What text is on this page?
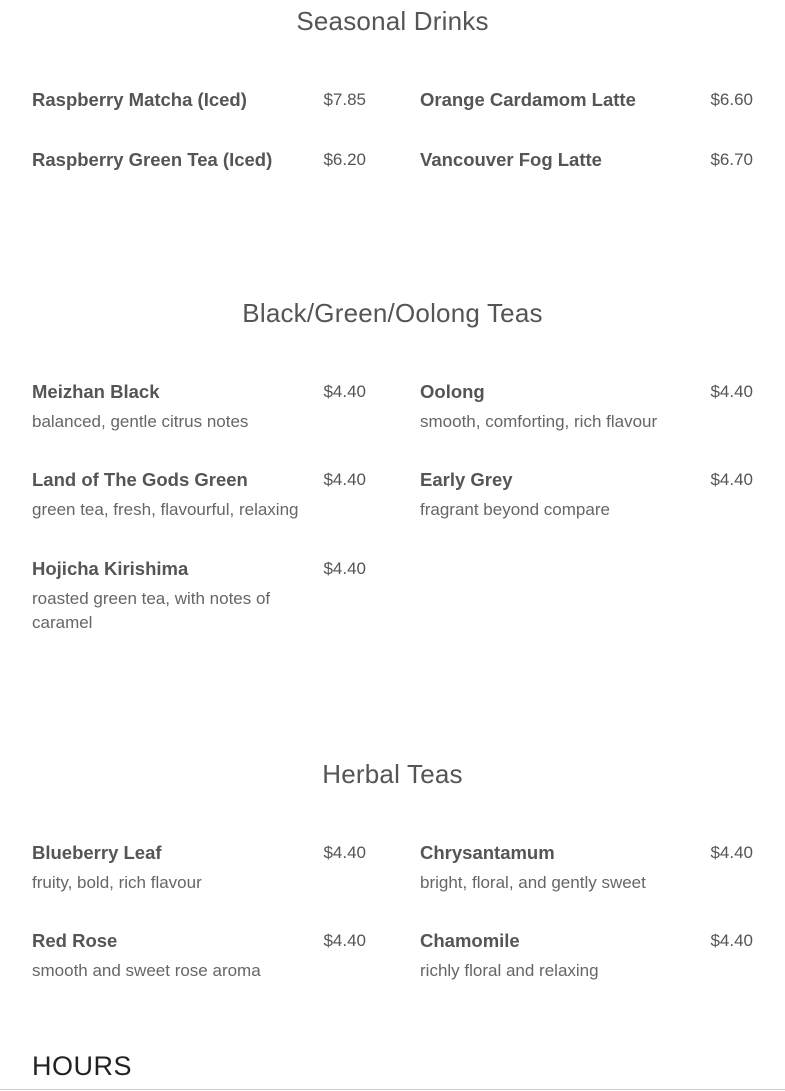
Seasonal Drinks
Raspberry Matcha (Iced)	$7.85	Orange Cardamom Latte	$6.60
Raspberry Green Tea (Iced)	$6.20	Vancouver Fog Latte	$6.70
Black/Green/Oolong Teas
Meizhan Black	$4.40
balanced, gentle citrus notes
Oolong	$4.40
smooth, comforting, rich flavour
Land of The Gods Green	$4.40
green tea, fresh, flavourful, relaxing
Early Grey	$4.40
fragrant beyond compare
Hojicha Kirishima	$4.40
roasted green tea, with notes of caramel
Herbal Teas
Blueberry Leaf	$4.40
fruity, bold, rich flavour
Chrysantamum	$4.40
bright, floral, and gently sweet
Red Rose	$4.40
smooth and sweet rose aroma
Chamomile	$4.40
richly floral and relaxing
HOURS
